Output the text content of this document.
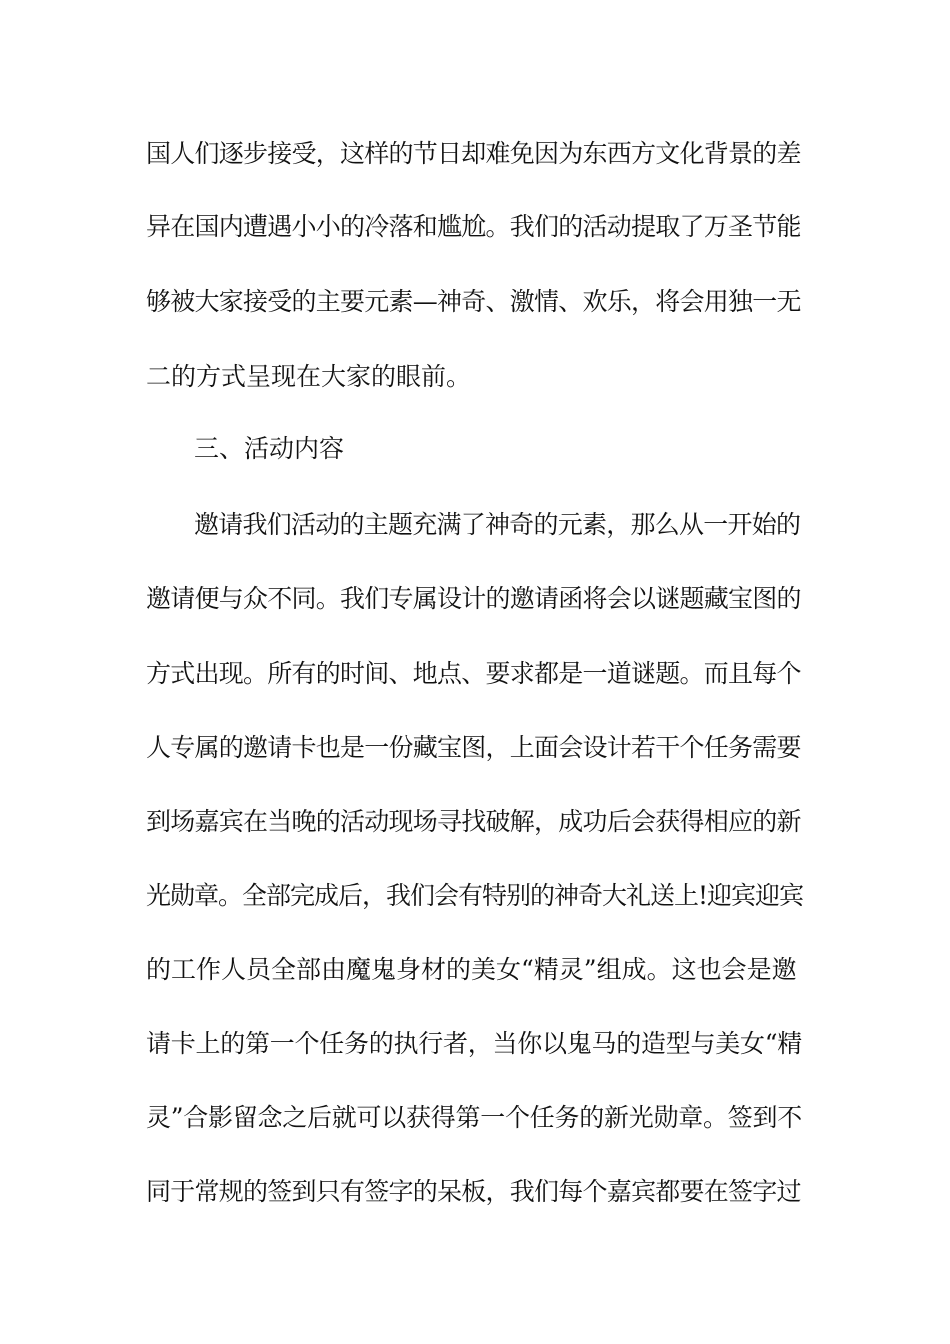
国人们逐步接受，这样的节日却难免因为东西方文化背景的差
异在国内遭遇小小的冷落和尴尬。我们的活动提取了万圣节能
够被大家接受的主要元素—神奇、激情、欢乐，将会用独一无
二的方式呈现在大家的眼前。
三、活动内容
邀请我们活动的主题充满了神奇的元素，那么从一开始的
邀请便与众不同。我们专属设计的邀请函将会以谜题藏宝图的
方式出现。所有的时间、地点、要求都是一道谜题。而且每个
人专属的邀请卡也是一份藏宝图，上面会设计若干个任务需要
到场嘉宾在当晚的活动现场寻找破解，成功后会获得相应的新
光勋章。全部完成后，我们会有特别的神奇大礼送上!迎宾迎宾
的工作人员全部由魔鬼身材的美女“精灵”组成。这也会是邀
请卡上的第一个任务的执行者，当你以鬼马的造型与美女“精
灵”合影留念之后就可以获得第一个任务的新光勋章。签到不
同于常规的签到只有签字的呆板，我们每个嘉宾都要在签字过
